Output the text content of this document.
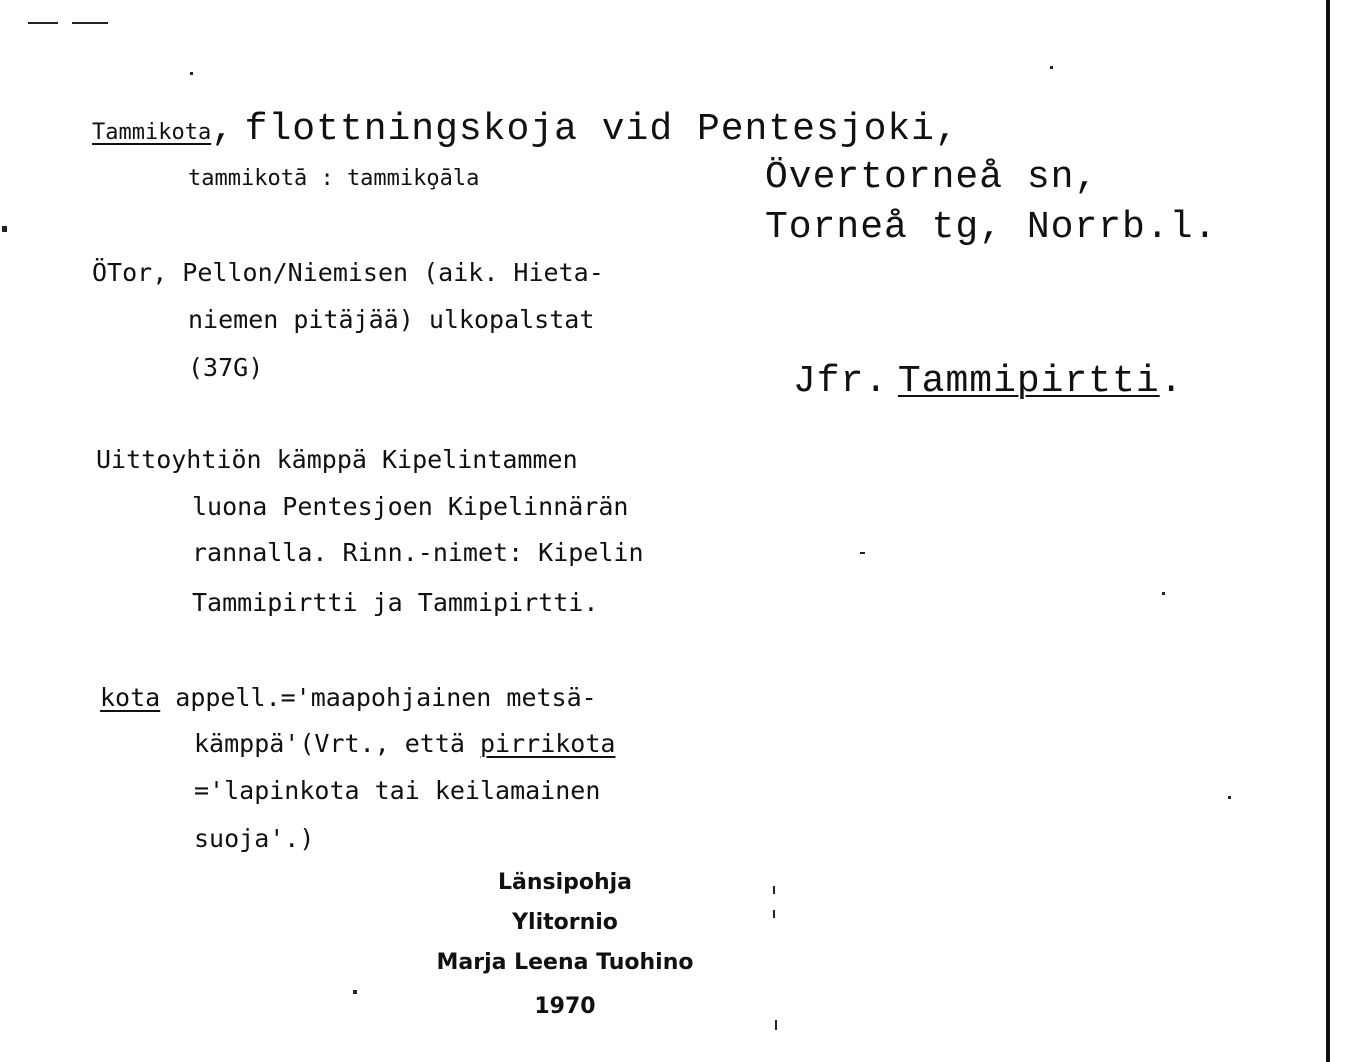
Tammikota, flottningskoja vid Pentesjoki,
tammikotā : tammiko̧āla	Övertorneå sn,
Torneå tg, Norrb.l.
ÖTor, Pellon/Niemisen (aik. Hieta-
niemen pitäjää) ulkopalstat
(37G)	Jfr. Tammipirtti.
Uittoyhtiön kämppä Kipelintammen
luona Pentesjoen Kipelinnärän
rannalla. Rinn.-nimet: Kipelin
Tammipirtti ja Tammipirtti.
kota appell.='maapohjainen metsä-
kämppä'(Vrt., että pirrikota
='lapinkota tai keilamainen
suoja'.)
Länsipohja
Ylitornio
Marja Leena Tuohino
1970
